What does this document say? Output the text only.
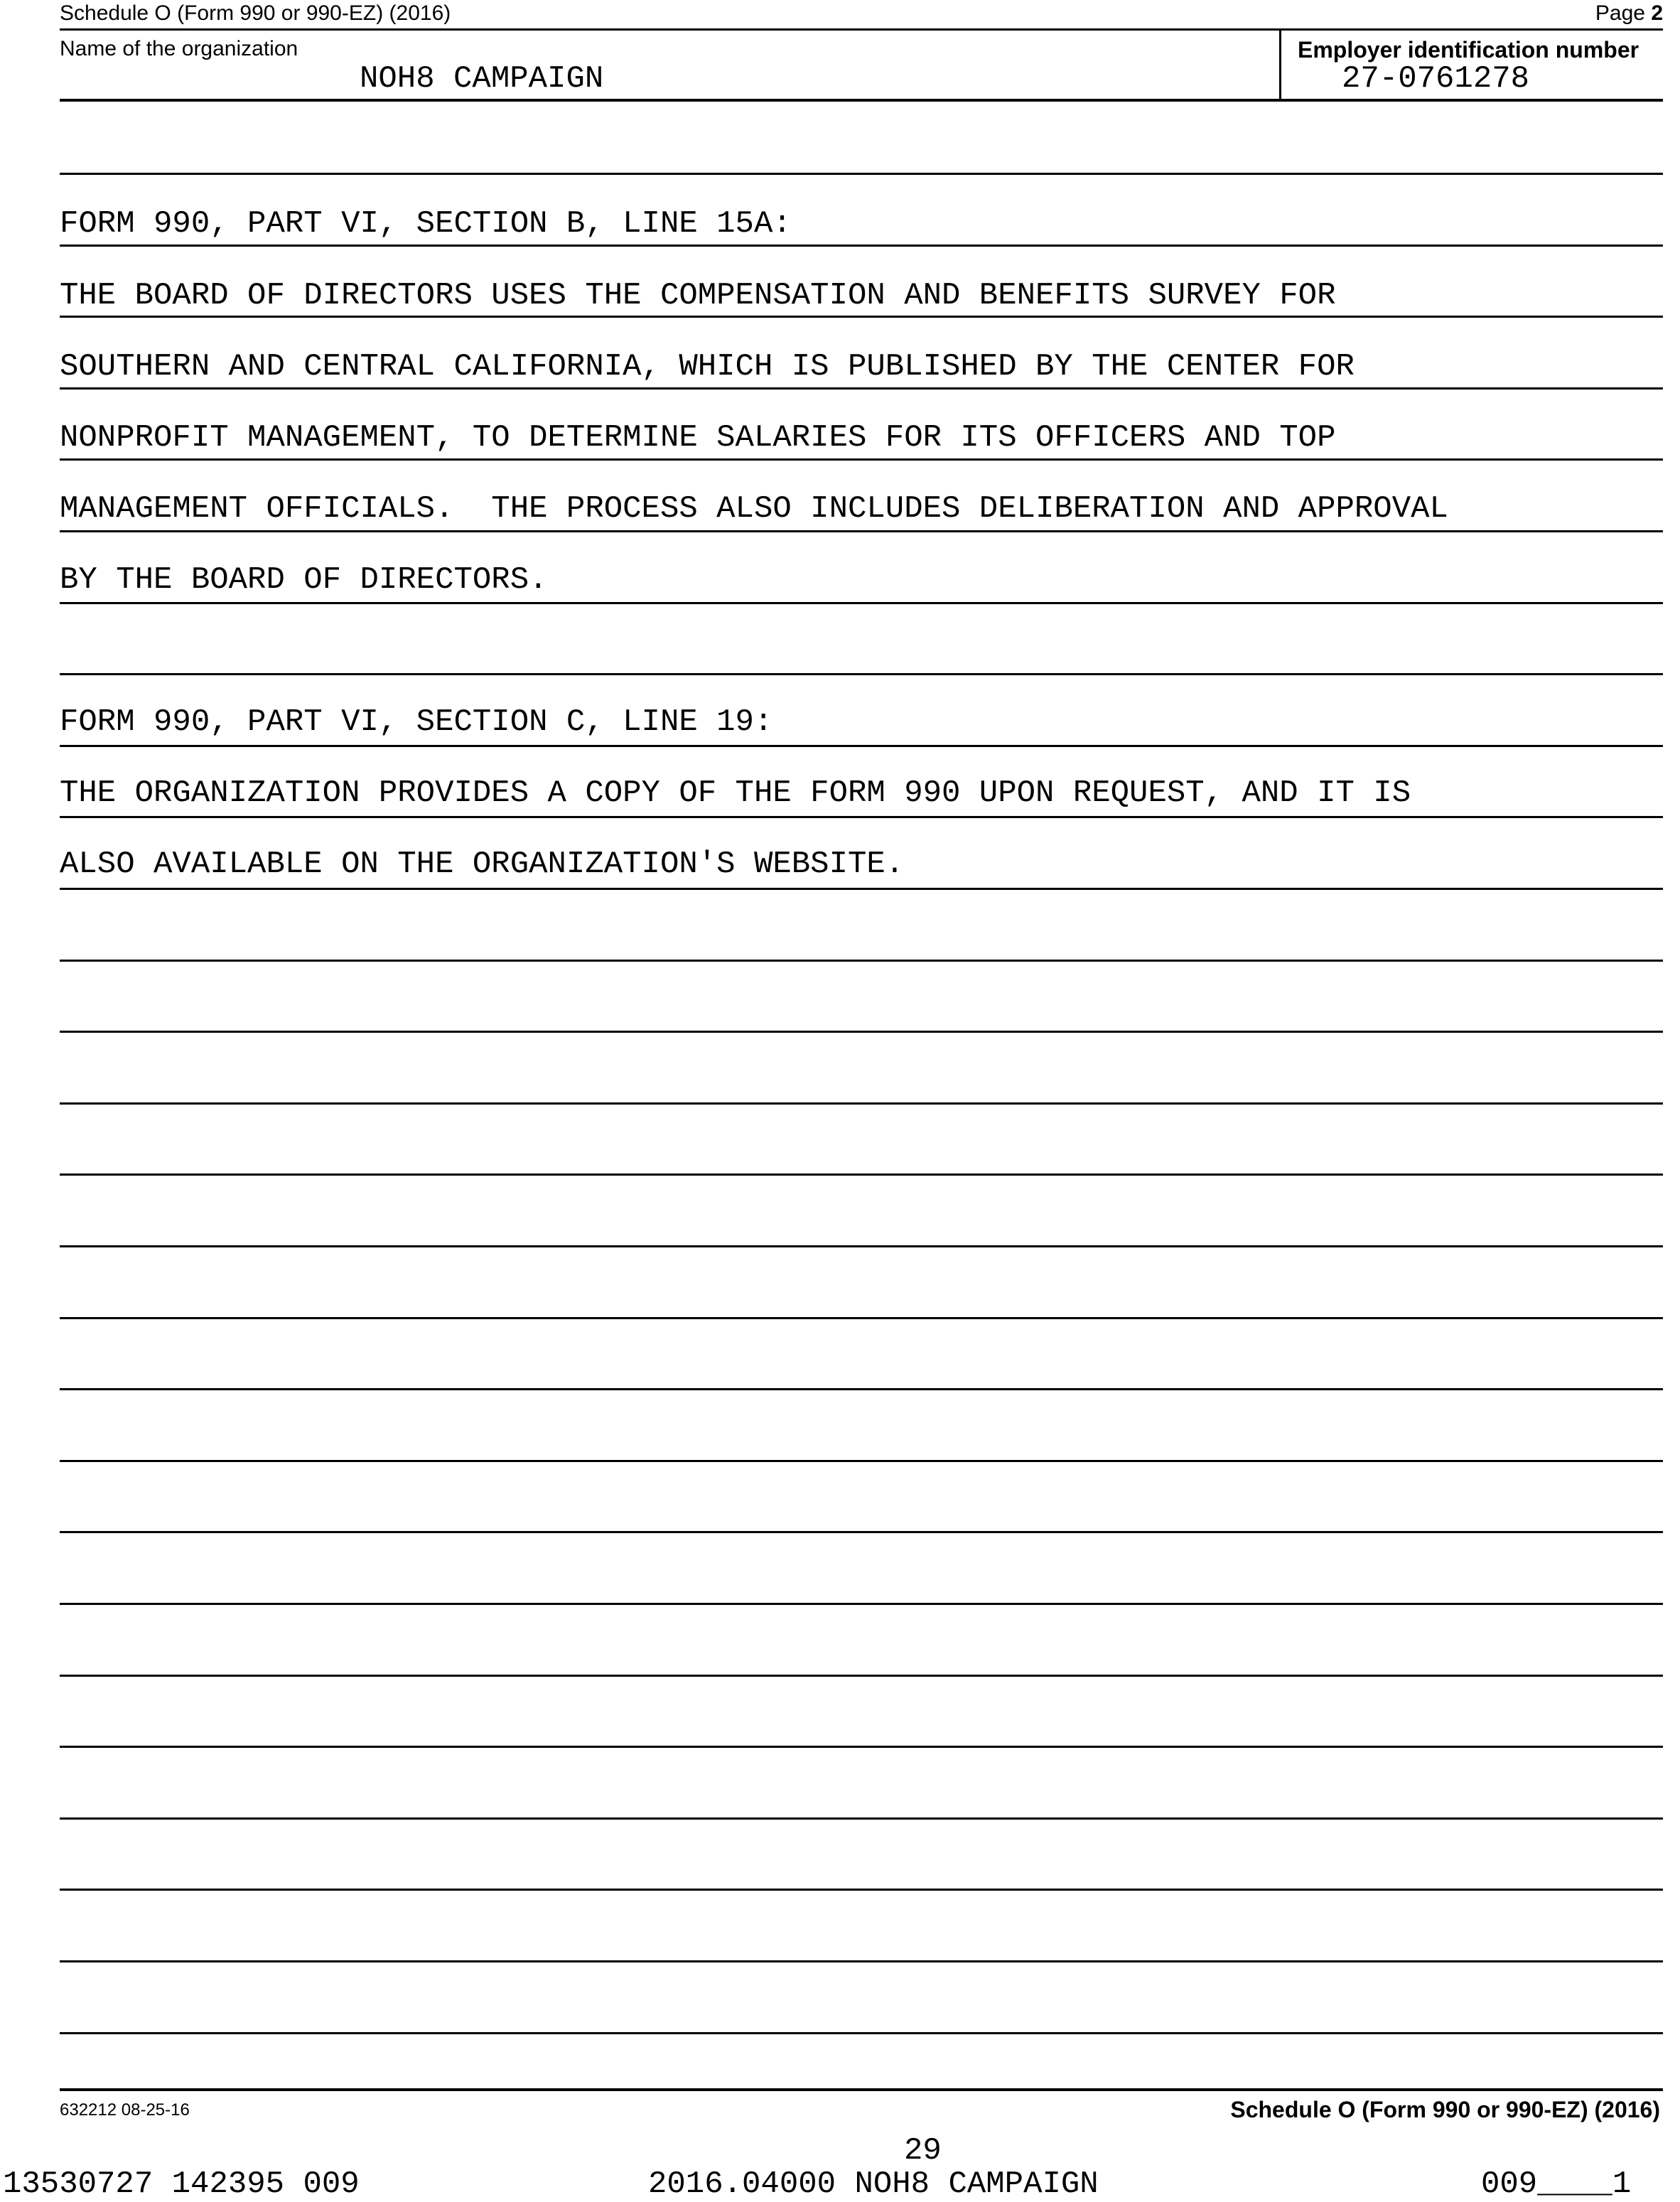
Schedule O (Form 990 or 990-EZ) (2016)	Page 2
Name of the organization
NOH8 CAMPAIGN
Employer identification number
27-0761278
FORM 990, PART VI, SECTION B, LINE 15A:
THE BOARD OF DIRECTORS USES THE COMPENSATION AND BENEFITS SURVEY FOR
SOUTHERN AND CENTRAL CALIFORNIA, WHICH IS PUBLISHED BY THE CENTER FOR
NONPROFIT MANAGEMENT, TO DETERMINE SALARIES FOR ITS OFFICERS AND TOP
MANAGEMENT OFFICIALS.  THE PROCESS ALSO INCLUDES DELIBERATION AND APPROVAL
BY THE BOARD OF DIRECTORS.
FORM 990, PART VI, SECTION C, LINE 19:
THE ORGANIZATION PROVIDES A COPY OF THE FORM 990 UPON REQUEST, AND IT IS
ALSO AVAILABLE ON THE ORGANIZATION'S WEBSITE.
632212 08-25-16	Schedule O (Form 990 or 990-EZ) (2016)
29
13530727 142395 009	2016.04000 NOH8 CAMPAIGN	009____1
